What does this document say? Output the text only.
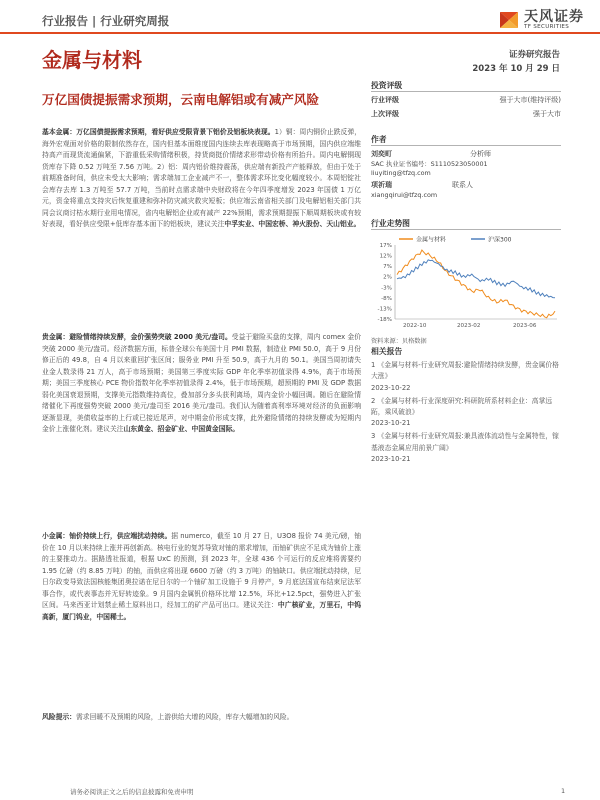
行业报告 | 行业研究周报	天风证券
TF SECURITIES
金属与材料	证券研究报告
2023 年 10 月 29 日
万亿国债提振需求预期，云南电解铝或有减产风险
基本金属：万亿国债提振需求预期，看好供应受限背景下铝价及铝板块表现。1）铜：周内铜价止跌反弹，海外宏观面对价格的限制依然存在，国内但基本面维度国内连续去库表现略高于市场预期，国内供应端维持高产而现货流通偏紧，下游重低采购情绪积极，持货商挺价情绪求形带动价格有所抬升。周内电解铜现货库存下降 0.52 万吨至 7.56 万吨。2）铝：周内铝价维持震荡，供应端有新投产产能释放，但由于处于前期准备时间，供应未受太大影响；需求端加工企业减产不一，整体需求环比变化幅度较小。本周铝锭社会库存去库 1.3 万吨至 57.7 万吨，当前时点需求端中央财政将在今年四季度增发 2023 年国债 1 万亿元，资金将重点支持灾后恢复重建和弥补防灾减灾救灾短板；供应端云南省相关部门及电解铝相关部门共同会议商讨枯水期行业用电情况，省内电解铝企业或有减产 22%预期，需求预期提振下顺周期板块或有较好表现，看好供应受限+低库存基本面下的铝板块，建议关注中孚实业、中国宏桥、神火股份、天山铝业。
贵金属：避险情绪持续发酵，金价强势突破 2000 美元/盎司。受益于避险买盘的支撑，周内 comex 金价突破 2000 美元/盎司。经济数据方面，标普全球公布美国十月 PMI 数据，制造业 PMI 50.0，高于 9 月份修正后的 49.8，自 4 月以来重回扩张区间；服务业 PMI 升至 50.9，高于九月的 50.1。美国当周初请失业金人数录得 21 万人，高于市场预期；美国第三季度实际 GDP 年化季率初值录得 4.9%，高于市场预期；美国三季度核心 PCE 物价指数年化季率初值录得 2.4%，低于市场预期，超预期的 PMI 及 GDP 数据弱化美国衰退预期，支撑美元指数维持高位，叠加部分多头获利离场，周内金价小幅回调。随后在避险情绪催化下再度强势突破 2000 美元/盎司至 2016 美元/盎司。我们认为随着高利率环境对经济的负面影响逐渐显现，美债收益率的上行或已接近尾声，对中期金价形成支撑，此外避险情绪的持续发酵或为短期内金价上涨催化剂。建议关注山东黄金、招金矿业、中国黄金国际。
小金属：铀价持续上行，供应端扰动持续。据 numerco，截至 10 月 27 日，U3O8 报价 74 美元/磅，铀价在 10 月以来持续上涨并再创新高。核电行业的复苏导致对铀的需求增加，而铀矿供应不足成为铀价上涨的主要推动力。据路透社报道，根据 UxC 的预测，到 2023 年，全球 436 个可运行的反应堆将需要约 1.95 亿磅（约 8.85 万吨）的铀，而供应将出现 6600 万磅（约 3 万吨）的铀缺口。供应端扰动持续，尼日尔政变导致法国核能集团奥拉诺在尼日尔的一个铀矿加工设施于 9 月停产，9 月底法国宣布结束尼法军事合作，或代表事态并无好转迹象。9 月国内金属钒价格环比增 12.5%，环比+12.5pct，强势进入扩张区间。马来西亚计划禁止稀土原料出口，经加工的矿产品可出口。建议关注：中广核矿业，万里石，中钨高新，厦门钨业，中国稀土。
风险提示：需求回暖不及预期的风险，上游供给大增的风险，库存大幅增加的风险。
投资评级
行业评级	强于大市(维持评级)
上次评级	强于大市
作者
刘奕町	分析师
SAC 执业证书编号：S1110523050001
liuyiting@tfzq.com
项祈瑞	联系人
xiangqirui@tfzq.com
行业走势图
金属与材料	沪深300
17%
12%
7%
2%
-3%
-8%
-13%
-18%
2022-10	2023-02	2023-06
资料来源：贝格数据
相关报告
1 《金属与材料-行业研究周报:避险情绪持续发酵，贵金属价格大涨》
2023-10-22
2 《金属与材料-行业深度研究:科研院所系材料企业：高掌远跖，乘风破浪》
2023-10-21
3 《金属与材料-行业研究周报:兼具液体流动性与金属特性，镓基液态金属应用前景广阔》
2023-10-21
请务必阅读正文之后的信息披露和免责申明	1
